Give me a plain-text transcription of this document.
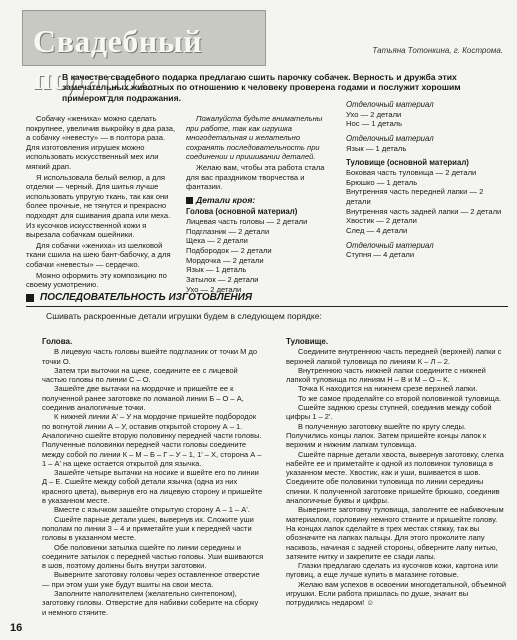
Свадебный подарок
Татьяна Тотонкина, г. Кострома.
В качестве свадебного подарка предлагаю сшить парочку собачек. Верность и дружба этих замечательных животных по отношению к человеку проверена годами и послужит хорошим примером для подражания.

Собачку «жениха» можно сделать покрупнее, увеличив выкройку в два раза, а собачку «невесту» — в полтора раза. Для изготовления игрушек можно использовать искусственный мех или мягкий драп.

Я использовала белый велюр, а для отделки — черный. Для шитья лучше использовать упругую ткань, так как они более прочные, не тянутся и прекрасно подходят для сшивания драпа или меха. Из кусочков искусственной кожи я вырезала собачкам ошейники.

Для собачки «жениха» из шелковой ткани сшила на шею бант-бабочку, а для собачки «невесты» — сердечко.

Можно оформить эту композицию по своему усмотрению.

Пожалуйста будьте внимательны при работе, так как игрушка многодетальная и желательно сохранять последовательность при соединении и пришивании деталей.

Желаю вам, чтобы эта работа стала для вас праздником творчества и фантазии.

Детали кроя:
Голова (основной материал)
Лицевая часть головы — 2 детали
Подглазник — 2 детали
Щека — 2 детали
Подбородок — 2 детали
Мордочка — 2 детали
Язык — 1 деталь
Затылок — 2 детали
Ухо — 2 детали
Отделочный материал
Ухо — 2 детали
Нос — 1 деталь
Отделочный материал
Язык — 1 деталь
Туловище (основной материал)
Боковая часть туловища — 2 детали
Брюшко — 1 деталь
Внутренняя часть передней лапки — 2 детали
Внутренняя часть задней лапки — 2 детали
Хвостик — 2 детали
След — 4 детали
Отделочный материал
Ступня — 4 детали
ПОСЛЕДОВАТЕЛЬНОСТЬ ИЗГОТОВЛЕНИЯ
Сшивать раскроенные детали игрушки будем в следующем порядке:

Голова.

В лицевую часть головы вшейте подглазник от точки М до точки О.

Затем три выточки на щеке, соедините ее с лицевой частью головы по линии С – О.

Зашейте две вытачки на мордочке и пришейте ее к полученной ранее заготовке по ломаной линии Б – О – А, соединив аналогичные точки.

К нижней линии А' – У на мордочке пришейте подбородок по вогнутой линии А – У, оставив открытой сторону А – 1. Аналогично сшейте вторую половинку передней части головы. Полученные половинки передней части головы соедините между собой по линии К – М – Б – Г – У – 1, 1' – Х, сторона А – 1 – А' на щеке остается открытой для язычка.

Зашейте четыре вытачки на носике и вшейте его по линии Д – Е. Сшейте между собой детали язычка (одна из них красного цвета), вывернув его на лицевую сторону и пришейте в указанном месте.

Вместе с язычком зашейте открытую сторону А – 1 – А'.

Сшейте парные детали ушек, вывернув их. Сложите уши пополам по линии 3 – 4 и приметайте уши к передней части головы в указанном месте.

Обе половинки затылка сшейте по линии середины и соедините затылок с передней частью головы. Уши вшиваются в шов, поэтому должны быть внутри заготовки.

Выверните заготовку головы через оставленное отверстие — при этом уши уже будут вшиты на свои места.

Заполните наполнителем (желательно синтепоном), заготовку головы. Отверстие для набивки соберите на сборку и немного стяните.

Туловище.

Соедините внутреннюю часть передней (верхней) лапки с верхней лапкой туловища по линиям К – Л – 2.

Внутреннюю часть нижней лапки соедините с нижней лапкой туловища по линиям Н – В и М – О – К.

Точка К находится на нижнем срезе верхней лапки.

То же самое проделайте со второй половинкой туловища.

Сшейте заднюю срезы ступней, соединив между собой цифры 1 – 2'.

В полученную заготовку вшейте по кругу следы. Получились концы лапок. Затем пришейте концы лапок к верхним и нижним лапкам туловища.

Сшейте парные детали хвоста, вывернув заготовку, слегка набейте ее и приметайте к одной из половинок туловища в указанном месте. Хвостик, как и уши, вшивается в шов. Соедините обе половинки туловища по линии середины спинки. К полученной заготовке пришейте брюшко, соединив аналогичные буквы и цифры.

Выверните заготовку туловища, заполните ее набивочным материалом, горловину немного стяните и пришейте голову. На концах лапок сделайте в трех местах стяжку, так вы обозначите на лапках пальцы. Для этого проколите лапу насквозь, начиная с задней стороны, обверните лапу нитью, затяните нитку и закрепите ее сзади лапы.

Глазки предлагаю сделать из кусочков кожи, картона или пуговиц, а еще лучше купить в магазине готовые.

Желаю вам успехов в освоении многодетальной, объемной игрушки. Если работа пришлась по душе, значит вы потрудились недаром! ☺

16
